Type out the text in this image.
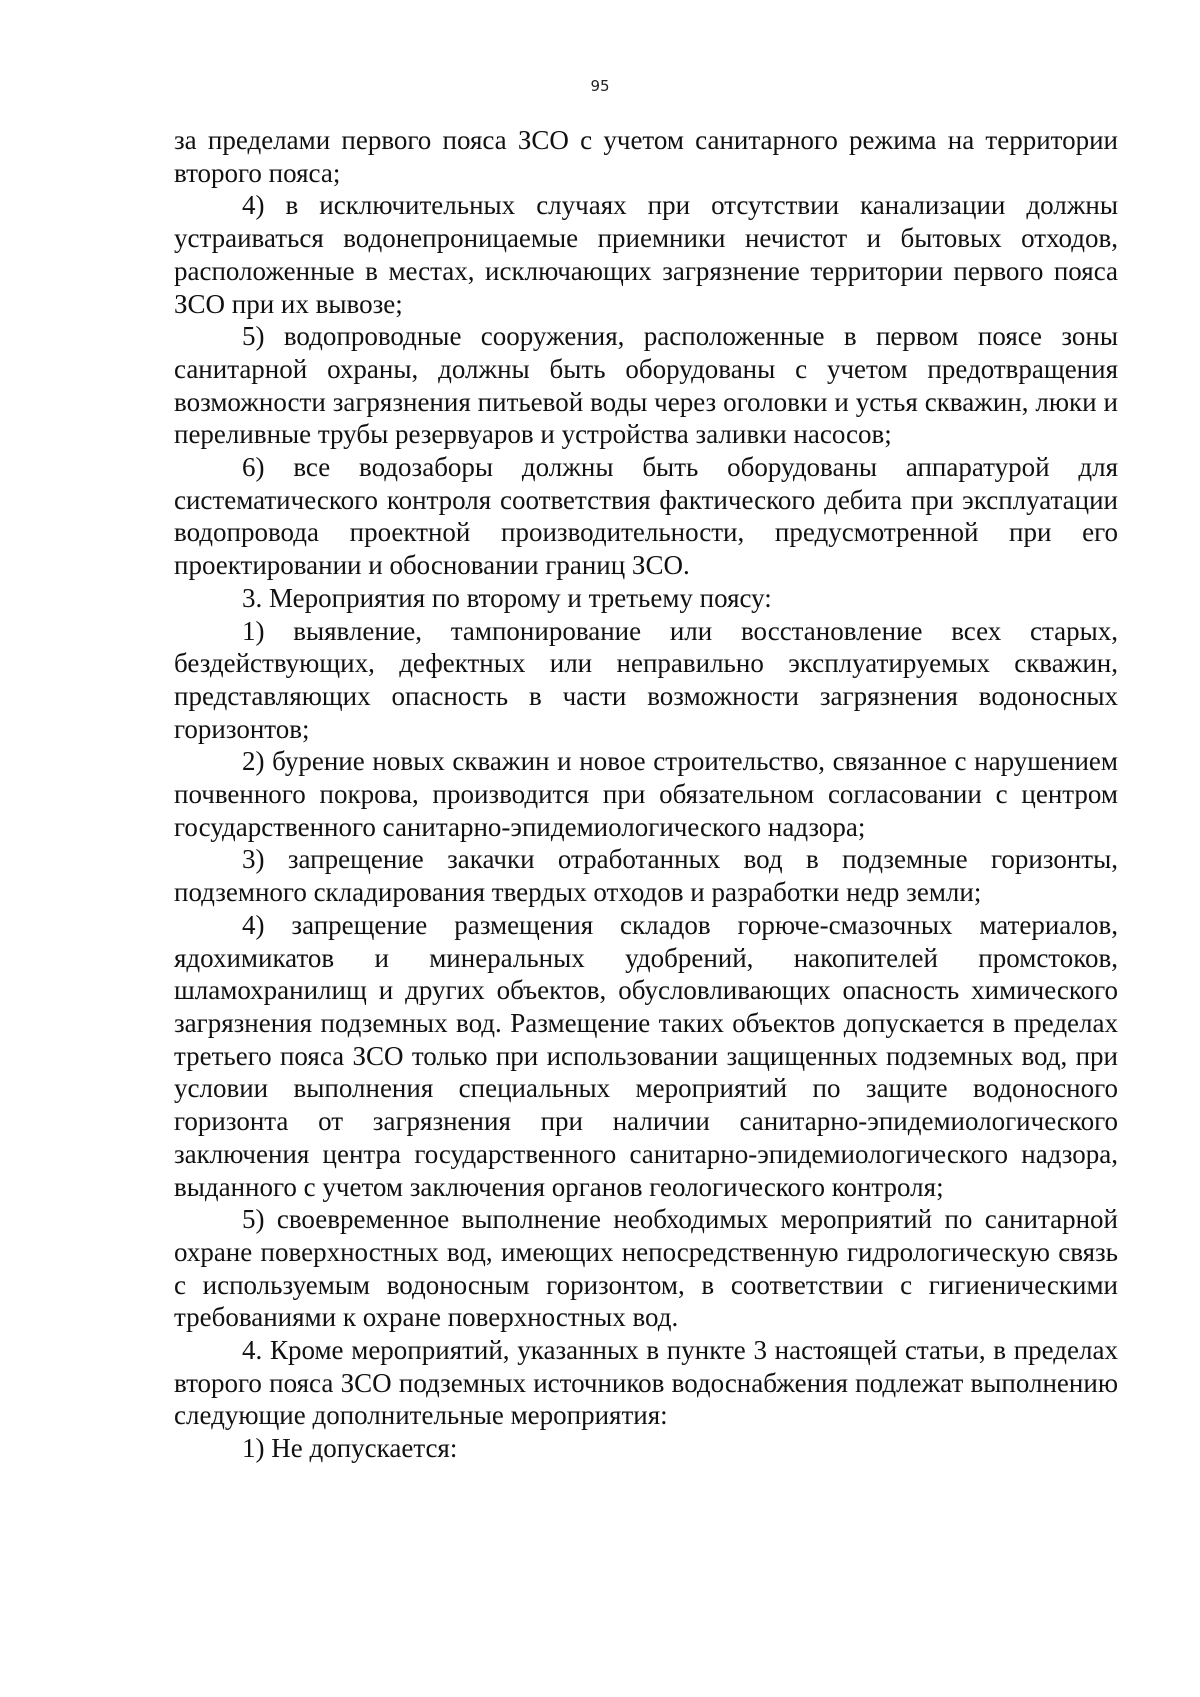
95

за пределами первого пояса ЗСО с учетом санитарного режима на территории второго пояса;

4) в исключительных случаях при отсутствии канализации должны устраиваться водонепроницаемые приемники нечистот и бытовых отходов, расположенные в местах, исключающих загрязнение территории первого пояса ЗСО при их вывозе;

5) водопроводные сооружения, расположенные в первом поясе зоны санитарной охраны, должны быть оборудованы с учетом предотвращения возможности загрязнения питьевой воды через оголовки и устья скважин, люки и переливные трубы резервуаров и устройства заливки насосов;

6) все водозаборы должны быть оборудованы аппаратурой для систематического контроля соответствия фактического дебита при эксплуатации водопровода проектной производительности, предусмотренной при его проектировании и обосновании границ ЗСО.

3. Мероприятия по второму и третьему поясу:

1) выявление, тампонирование или восстановление всех старых, бездействующих, дефектных или неправильно эксплуатируемых скважин, представляющих опасность в части возможности загрязнения водоносных горизонтов;

2) бурение новых скважин и новое строительство, связанное с нарушением почвенного покрова, производится при обязательном согласовании с центром государственного санитарно-эпидемиологического надзора;

3) запрещение закачки отработанных вод в подземные горизонты, подземного складирования твердых отходов и разработки недр земли;

4) запрещение размещения складов горюче-смазочных материалов, ядохимикатов и минеральных удобрений, накопителей промстоков, шламохранилищ и других объектов, обусловливающих опасность химического загрязнения подземных вод. Размещение таких объектов допускается в пределах третьего пояса ЗСО только при использовании защищенных подземных вод, при условии выполнения специальных мероприятий по защите водоносного горизонта от загрязнения при наличии санитарно-эпидемиологического заключения центра государственного санитарно-эпидемиологического надзора, выданного с учетом заключения органов геологического контроля;

5) своевременное выполнение необходимых мероприятий по санитарной охране поверхностных вод, имеющих непосредственную гидрологическую связь с используемым водоносным горизонтом, в соответствии с гигиеническими требованиями к охране поверхностных вод.

4. Кроме мероприятий, указанных в пункте 3 настоящей статьи, в пределах второго пояса ЗСО подземных источников водоснабжения подлежат выполнению следующие дополнительные мероприятия:

1) Не допускается:
